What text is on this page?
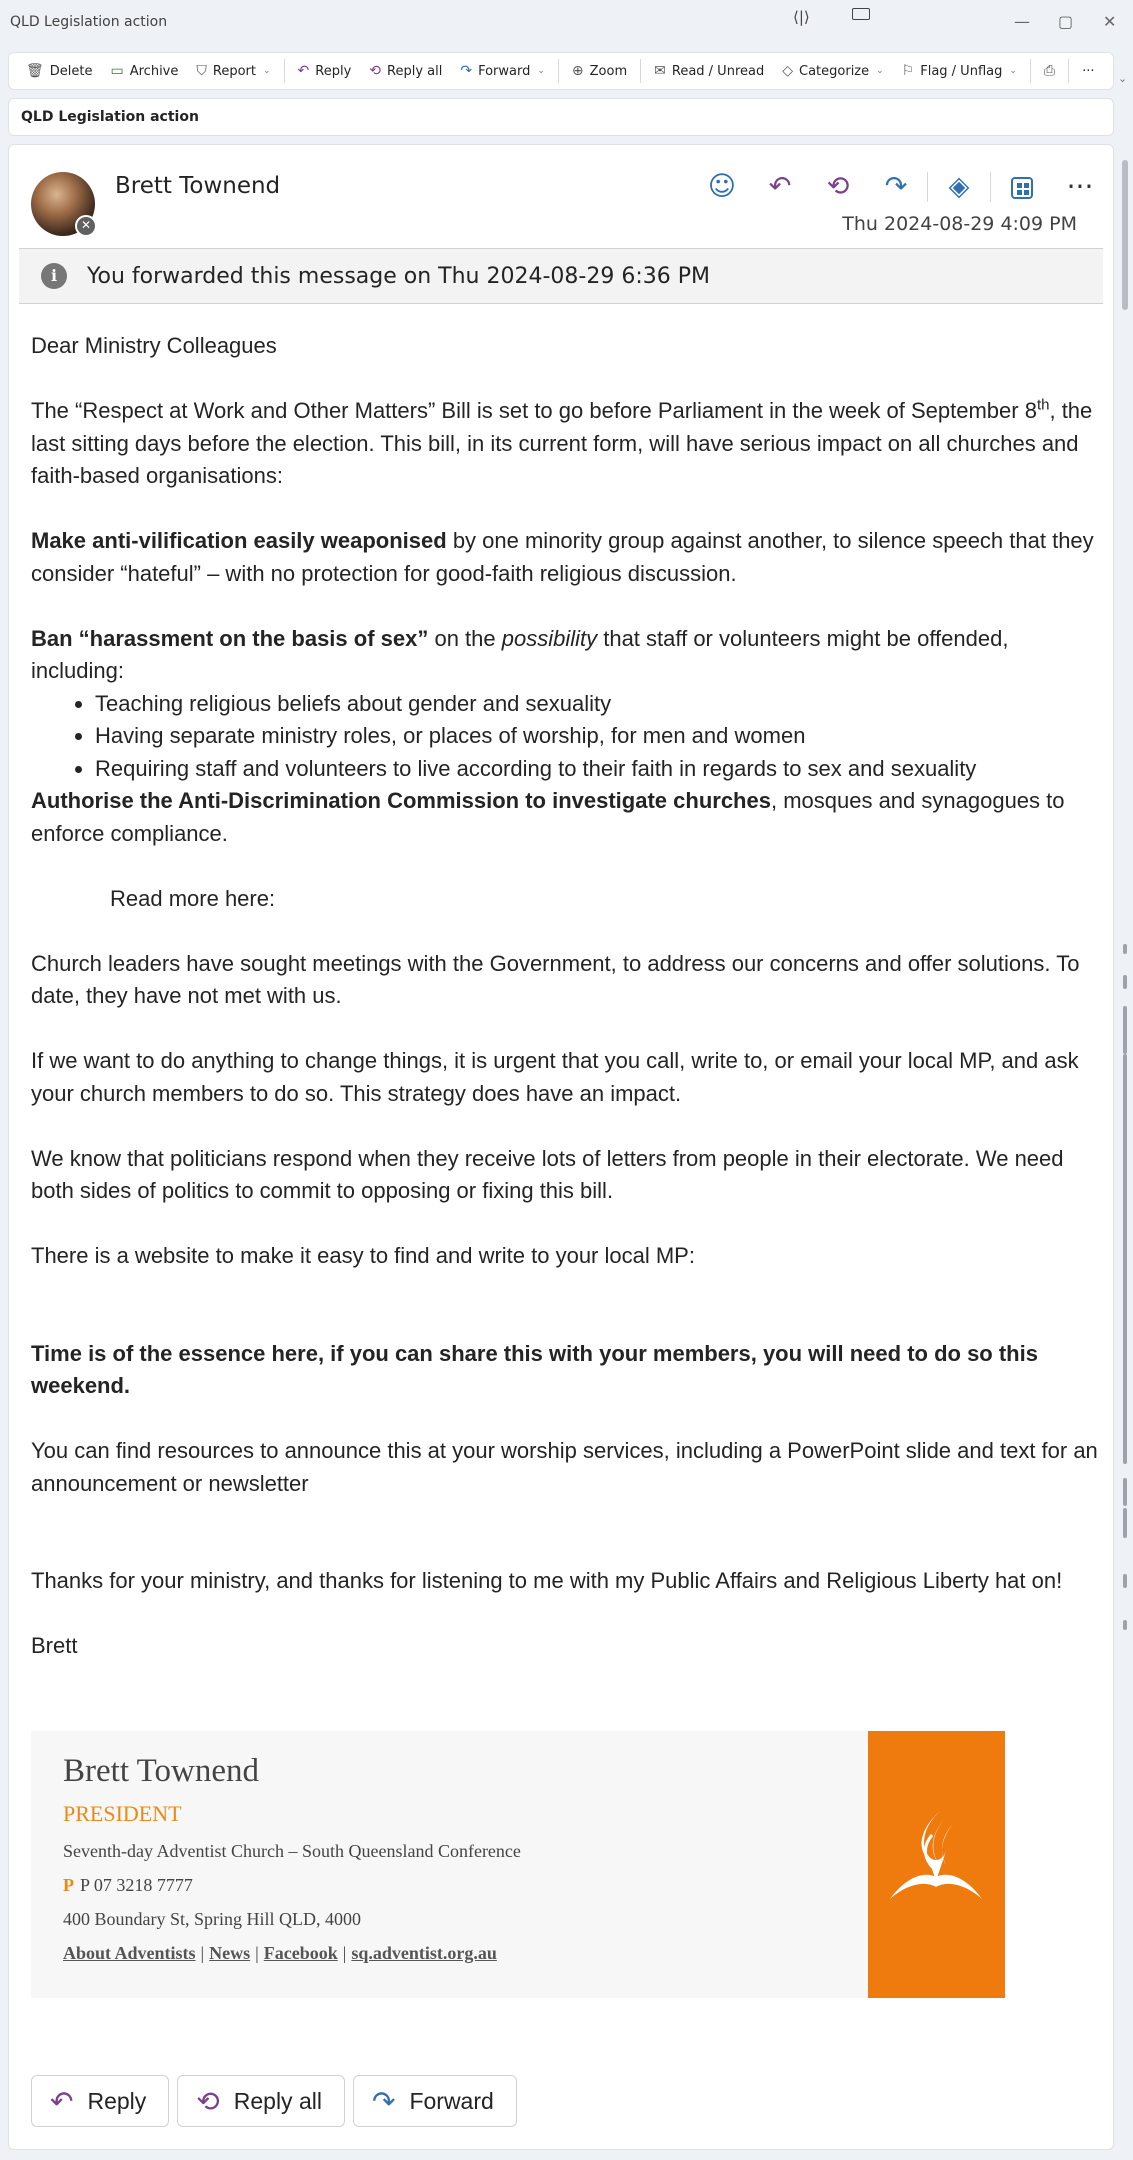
QLD Legislation action	⟨|⟩	— ▢ ✕
🗑︎ Delete ▭ Archive ⛉ Report ⌄ ↶ Reply ⟲ Reply all ↷ Forward ⌄ ⊕ Zoom ✉ Read / Unread ◇ Categorize ⌄ ⚐ Flag / Unflag ⌄ ⎙ ··· ⌄
QLD Legislation action
✕
Brett Townend	☺	↶	⟲	↷	◈	···
Thu 2024-08-29 4:09 PM
i	You forwarded this message on Thu 2024-08-29 6:36 PM

Dear Ministry Colleagues

The “Respect at Work and Other Matters” Bill is set to go before Parliament in the week of September 8th, the last sitting days before the election. This bill, in its current form, will have serious impact on all churches and faith-based organisations:

Make anti-vilification easily weaponised by one minority group against another, to silence speech that they consider “hateful” – with no protection for good-faith religious discussion.

Ban “harassment on the basis of sex” on the possibility that staff or volunteers might be offended, including:

• Teaching religious beliefs about gender and sexuality
• Having separate ministry roles, or places of worship, for men and women
• Requiring staff and volunteers to live according to their faith in regards to sex and sexuality

Authorise the Anti-Discrimination Commission to investigate churches, mosques and synagogues to enforce compliance.

Read more here:

Church leaders have sought meetings with the Government, to address our concerns and offer solutions. To date, they have not met with us.

If we want to do anything to change things, it is urgent that you call, write to, or email your local MP, and ask your church members to do so. This strategy does have an impact.

We know that politicians respond when they receive lots of letters from people in their electorate. We need both sides of politics to commit to opposing or fixing this bill.

There is a website to make it easy to find and write to your local MP:

Time is of the essence here, if you can share this with your members, you will need to do so this weekend.

You can find resources to announce this at your worship services, including a PowerPoint slide and text for an announcement or newsletter

Thanks for your ministry, and thanks for listening to me with my Public Affairs and Religious Liberty hat on!

Brett

Brett Townend
PRESIDENT
Seventh-day Adventist Church – South Queensland Conference
P P 07 3218 7777
400 Boundary St, Spring Hill QLD, 4000
About Adventists | News | Facebook | sq.adventist.org.au
↶ Reply ⟲ Reply all ↷ Forward
